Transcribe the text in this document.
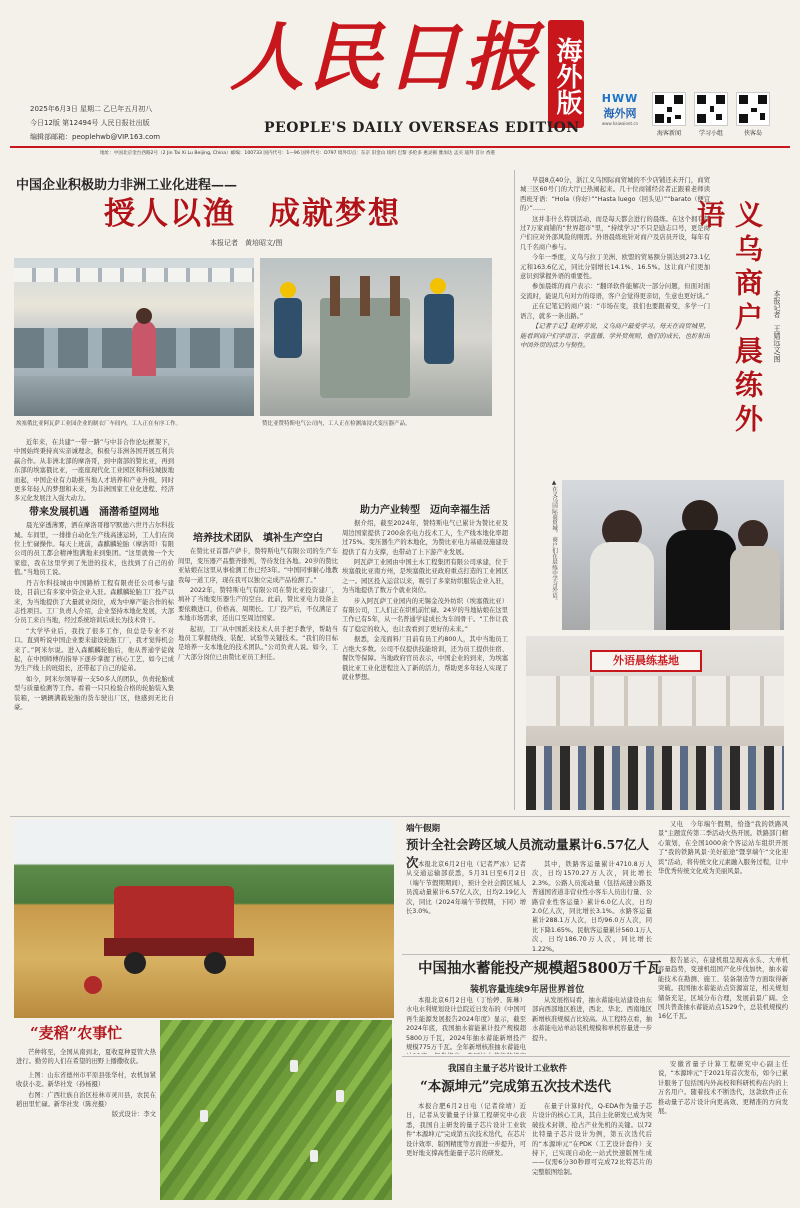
人民日报 海外版
PEOPLE'S DAILY OVERSEAS EDITION
2025年6月3日 星期二 乙巳年五月初八
今日12版 第12494号 人民日报社出版
编辑部邮箱：peoplehwb@VIP.163.com
HWW
海外网
www.haiwainet.cn
海客新闻	学习小组	侠客岛
地址：中国北京金台西路2号（2 Jin Tai Xi Lu Beijing, China）邮编：100733 国内代号：1—96 国外代号：D797 境外印点：东京 旧金山 纽约 巴黎 多伦多 惠灵顿 雅加达 孟买 迪拜 首尔 香港
中国企业积极助力非洲工业化进程——
授人以渔　成就梦想
本报记者　黄培昭文/图
埃塞俄比亚阿瓦萨工业园企业的制衣厂车间内，工人正在有序工作。	赞比亚赞特斯电气公司内，工人正在检测油浸式变压器产品。

近年来，在共建“一带一路”与中非合作论坛框架下，中国始终秉持真实亲诚理念，积极与非洲各国开展互利共赢合作。从非洲北部的摩洛哥，到中南部的赞比亚，再到东部的埃塞俄比亚，一座座现代化工业园区和科技城拔地而起，中国企业有力助推当地人才培养和产业升级，同时更多年轻人的梦想和未来，为非洲国家工业化进程、经济多元化发展注入强大动力。

带来发展机遇　涌潜希望网地

晨光穿透薄雾，洒在摩洛哥穆罕默德六世丹吉尔科技城。车间里，一排排自动化生产线高速运转，工人们在岗位上忙碌操作。每天上班前，森麒麟轮胎（摩洛哥）有限公司的员工都会精神饱满地来到集团。“这里就像一个大家庭，我在这里学到了先进的技术，也找到了自己的价值。”当地员工说。

丹吉尔科技城由中国路桥工程有限责任公司参与建设，目前已有多家中资企业入驻。森麒麟轮胎工厂投产以来，为当地提供了大量就业岗位，成为中摩产能合作的标志性项目。工厂负责人介绍，企业坚持本地化发展，大部分员工来自当地，经过系统培训后成长为技术骨干。

“大学毕业后，我找了很多工作，但总是专业不对口。直到听说中国企业要来建设轮胎工厂，我才觉得机会来了。”阿米尔说。进入森麒麟轮胎后，他从普通学徒做起，在中国师傅的指导下逐步掌握了核心工艺，如今已成为生产线上的班组长，还带起了自己的徒弟。

如今，阿米尔领导着一支50多人的团队，负责轮胎成型与质量检测等工作。看着一只只检验合格的轮胎装入集装箱，一辆辆满载轮胎的货车驶出厂区，他感到无比自豪。

培养技术团队　填补生产空白

在赞比亚首都卢萨卡，赞特斯电气有限公司的生产车间里，变压器产品整齐排列，等待发往各地。20岁的赞比亚姑娘在这里从事检测工作已经3年。“中国同事耐心地教我每一道工序，现在我可以独立完成产品检测了。”

2022年，赞特斯电气有限公司在赞比亚投资建厂，填补了当地变压器生产的空白。此前，赞比亚电力设备主要依赖进口，价格高、周期长。工厂投产后，不仅满足了本地市场需求，还出口至周边国家。

起初，工厂从中国派来技术人员手把手教学，帮助当地员工掌握绕线、装配、试验等关键技术。“我们的目标是培养一支本地化的技术团队。”公司负责人说。如今，工厂大部分岗位已由赞比亚员工担任。

助力产业转型　迈向幸福生活

据介绍，截至2024年，赞特斯电气已累计为赞比亚及周边国家提供了200余名电力技术工人，生产线本地化率超过75%。变压器生产的本地化，为赞比亚电力基础设施建设提供了有力支撑，也带动了上下游产业发展。

阿瓦萨工业园由中国土木工程集团有限公司承建，位于埃塞俄比亚南方州，是埃塞俄比亚政府重点打造的工业园区之一。园区投入运营以来，吸引了多家纺织服装企业入驻，为当地提供了数万个就业岗位。

步入阿瓦萨工业园内的无锡金茂外纺织（埃塞俄比亚）有限公司，工人们正在织机前忙碌。24岁的当地姑娘在这里工作已有5年，从一名普通学徒成长为车间骨干。“工作让我有了稳定的收入，也让我看到了更好的未来。”

据悉，金茂面料厂目前有员工约800人，其中当地员工占绝大多数。公司不仅提供技能培训，还为员工提供住宿、餐饮等保障。当地政府官员表示，中国企业的到来，为埃塞俄比亚工业化进程注入了新的活力，帮助更多年轻人实现了就业梦想。

早晨8点40分，浙江义乌国际商贸城的不少店铺还未开门，商贸城三区60号门的大厅已热闹起来。几十位商铺经营者正跟着老师读西班牙语：“Hola（你好）”“Hasta luego（回头见）”“barato（便宜的）”……

这并非什么特别活动，而是每天都会进行的晨练。在这个拥有超过7万家商铺的“世界超市”里，“持续学习”不只是励志口号，更是商户们应对外部风险的刚需。外语晨练班针对商户及店员开设，每年有几千名商户参与。

今年一季度，义乌与拉丁美洲、欧盟的贸易额分别达到273.1亿元和163.6亿元，同比分别增长14.1%、16.5%。这让商户们更加意识到掌握外语的重要性。

参加晨练的商户表示：“翻译软件能解决一部分问题，但面对面交流时，能说几句对方的母语，客户会觉得更亲切，生意也更好谈。”

正在记笔记的商户说：“市场在变，我们也要跟着变，多学一门语言，就多一条出路。”

【记者手记】赵婷芳说，义乌商户最爱学习。每天在商贸城里，能看到商户们学语言、学直播、学外贸规则，他们的成长，也折射出中国外贸的活力与韧性。	义乌商户晨练外语
本报记者　王婧远文/图
▲在义乌国际商贸城，商户们在晨练中学习外语。
外语晨练基地
“麦稻”农事忙

芒种将至，全国从南到北，夏收夏种夏管大热进行。勤劳的人们在希望的田野上播撒收获。

上图：山东省德州市平原县张华村，农机加紧收获小麦。新华社发（孙杨摄）

右图：广西壮族自治区桂林市灵川县，农民在稻田里忙碌。新华社发（陈亮摄）

版式设计：李文

端午假期
预计全社会跨区域人员流动量累计6.57亿人次 本报北京6月2日电（记者严冰）记者从交通运输部获悉，5月31日至6月2日（端午节假期期间），预计全社会跨区域人员流动量累计6.57亿人次，日均2.19亿人次，同比（2024年端午节假期，下同）增长3.0%。

其中，铁路客运量累计4710.8万人次，日均1570.27万人次，同比增长2.3%。公路人员流动量（包括高速公路及普通国省道非营业性小客车人员出行量、公路营业性客运量）累计6.0亿人次，日均2.0亿人次，同比增长3.1%。水路客运量累计288.1万人次，日均96.0万人次，同比下降1.65%。民航客运量累计560.1万人次，日均186.70万人次，同比增长1.22%。

又电　今年端午假期，恰逢“我的铁路风景”主题宣传第二季活动火热开展。铁路部门精心策划，在全国1000余个客运站车组织开展了“我的铁路风景·美好旅途”暨享端午“文化迎宾”活动，将传统文化元素融入服务过程，让中华优秀传统文化成为美丽风景。

中国抽水蓄能投产规模超5800万千瓦
装机容量连续9年居世界首位

本报北京6月2日电（丁怡婷、陈琳）水电水利规划设计总院近日发布的《中国可再生能源发展报告2024年度》显示，截至2024年底，我国抽水蓄能累计投产规模超5800万千瓦，2024年抽水蓄能新增投产规模775万千瓦。全年新增核准抽水蓄能电

从发展格局看，抽水蓄能电站建设由东部向西部地区推进，西北、华北、西南地区新增核准规模占比较高。从工程特点看，抽水蓄能电站单站装机规模和单机容量进一步提升。

报告显示，在建机组呈现高水头、大单机容量趋势，变速机组国产化步伐加快，抽水蓄能技术在勘测、施工、装备制造等方面取得新突破。我国抽水蓄能站点资源富足，相关规划储备充足，区域分布合理，发展前景广阔。全国共普查抽水蓄能站点1529个，总装机规模约16亿千瓦。

我国自主量子芯片设计工业软件
“本源坤元”完成第五次技术迭代

本报合肥6月2日电（记者徐靖）近日，记者从安徽量子计算工程研究中心获悉，我国自主研发的量子芯片设计工业软件“本源坤元”完成第五次技术迭代，在芯片设计效率、版图精度等方面进一步提升，可更好地支撑高性能量子芯片的研发。

在量子计算时代，Q-EDA作为量子芯片设计的核心工具，其自主化研发已成为突破技术封锁、抢占产业先机的关键。以72比特量子芯片设计为例，第五次迭代后的“本源坤元”在PDK（工艺设计套件）支持下，已实现自动化一站式快速版图生成——仅需6分30秒即可完成72比特芯片的完整版图绘制。

安徽省量子计算工程研究中心副主任说，“本源坤元”于2021年首次发布，如今已累计服务了包括国内外高校和科研机构在内的上万名用户。随着技术不断迭代，这款软件正在推动量子芯片设计向更高效、更精准的方向发展。
